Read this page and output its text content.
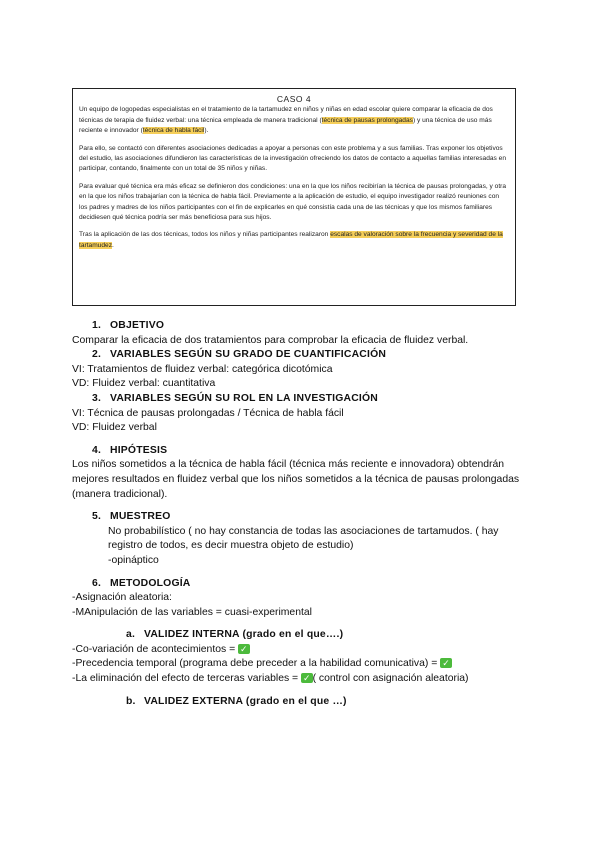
CASO 4

Un equipo de logopedas especialistas en el tratamiento de la tartamudez en niños y niñas en edad escolar quiere comparar la eficacia de dos técnicas de terapia de fluidez verbal: una técnica empleada de manera tradicional (técnica de pausas prolongadas) y una técnica de uso más reciente e innovador (técnica de habla fácil).

Para ello, se contactó con diferentes asociaciones dedicadas a apoyar a personas con este problema y a sus familias. Tras exponer los objetivos del estudio, las asociaciones difundieron las características de la investigación ofreciendo los datos de contacto a aquellas familias interesadas en participar, contando, finalmente con un total de 35 niños y niñas.

Para evaluar qué técnica era más eficaz se definieron dos condiciones: una en la que los niños recibirían la técnica de pausas prolongadas, y otra en la que los niños trabajarían con la técnica de habla fácil. Previamente a la aplicación de estudio, el equipo investigador realizó reuniones con los padres y madres de los niños participantes con el fin de explicarles en qué consistía cada una de las técnicas y que los mismos familiares decidiesen qué técnica podría ser más beneficiosa para sus hijos.

Tras la aplicación de las dos técnicas, todos los niños y niñas participantes realizaron escalas de valoración sobre la frecuencia y severidad de la tartamudez.

1. OBJETIVO
Comparar la eficacia de dos tratamientos para comprobar la eficacia de fluidez verbal.
2. VARIABLES SEGÚN SU GRADO DE CUANTIFICACIÓN
VI: Tratamientos de fluidez verbal: categórica dicotómica
VD: Fluidez verbal: cuantitativa
3. VARIABLES SEGÚN SU ROL EN LA INVESTIGACIÓN
VI: Técnica de pausas prolongadas / Técnica de habla fácil
VD: Fluidez verbal
4. HIPÓTESIS
Los niños sometidos a la técnica de habla fácil (técnica más reciente e innovadora) obtendrán mejores resultados en fluidez verbal que los niños sometidos a la técnica de pausas prolongadas (manera tradicional).
5. MUESTREO
No probabilístico ( no hay constancia de todas las asociaciones de tartamudos. ( hay
registro de todos, es decir muestra objeto de estudio)
-opináptico
6. METODOLOGÍA
-Asignación aleatoria:
-MAnipulación de las variables = cuasi-experimental
a. VALIDEZ INTERNA (grado en el que….)
-Co-variación de acontecimientos = ✓
-Precedencia temporal (programa debe preceder a la habilidad comunicativa) = ✓
-La eliminación del efecto de terceras variables = ✓ ( control con asignación aleatoria)
b. VALIDEZ EXTERNA (grado en el que …)
